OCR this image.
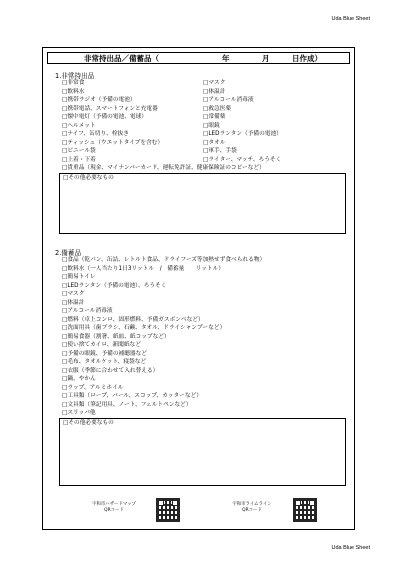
Uda Blue Sheet
非常持出品／備蓄品（	年	月	日作成）
1.非常持出品
□非常食
□飲料水
□携帯ラジオ（予備の電池）
□携帯電話、スマートフォンと充電器
□懐中電灯（予備の電池、電球）
□ヘルメット
□ナイフ、缶切り、栓抜き
□ティッシュ（ウエットタイプを含む）
□ビニール袋
□上着・下着
□マスク
□体温計
□アルコール消毒液
□救急医薬
□常備薬
□眼鏡
□LEDランタン（予備の電池）
□タオル
□軍手、手袋
□ライター、マッチ、ろうそく
□貴重品（現金、マイナンバーカード、運転免許証、健康保険証のコピーなど）
□その他必要なもの
2.備蓄品
□食品（乾パン、缶詰、レトルト食品、ドライフーズ等加熱せず食べられる物）
□飲料水（一人当たり1日3リットル　/　備蓄量　　リットル）
□簡易トイレ
□LEDランタン（予備の電池）、ろうそく
□マスク
□体温計
□アルコール消毒液
□燃料（卓上コンロ、固形燃料、予備ガスボンベなど）
□洗面用具（歯ブラシ、石鹸、タオル、ドライシャンプーなど）
□簡易食器（割箸、紙皿、紙コップなど）
□使い捨てカイロ、新聞紙など
□予備の眼鏡、予備の補聴器など
□毛布、タオルケット、寝袋など
□衣服（季節に合わせて入れ替える）
□鍋、やかん
□ラップ、アルミホイル
□工具類（ロープ、バール、スコップ、カッターなど）
□文具類（筆記用具、ノート、フェルトペンなど）
□スリッパ他
□その他必要なもの
宇和市ハザードマップ
QRコード
宇和市ライムライン
QRコード
Uda Blue Sheet
